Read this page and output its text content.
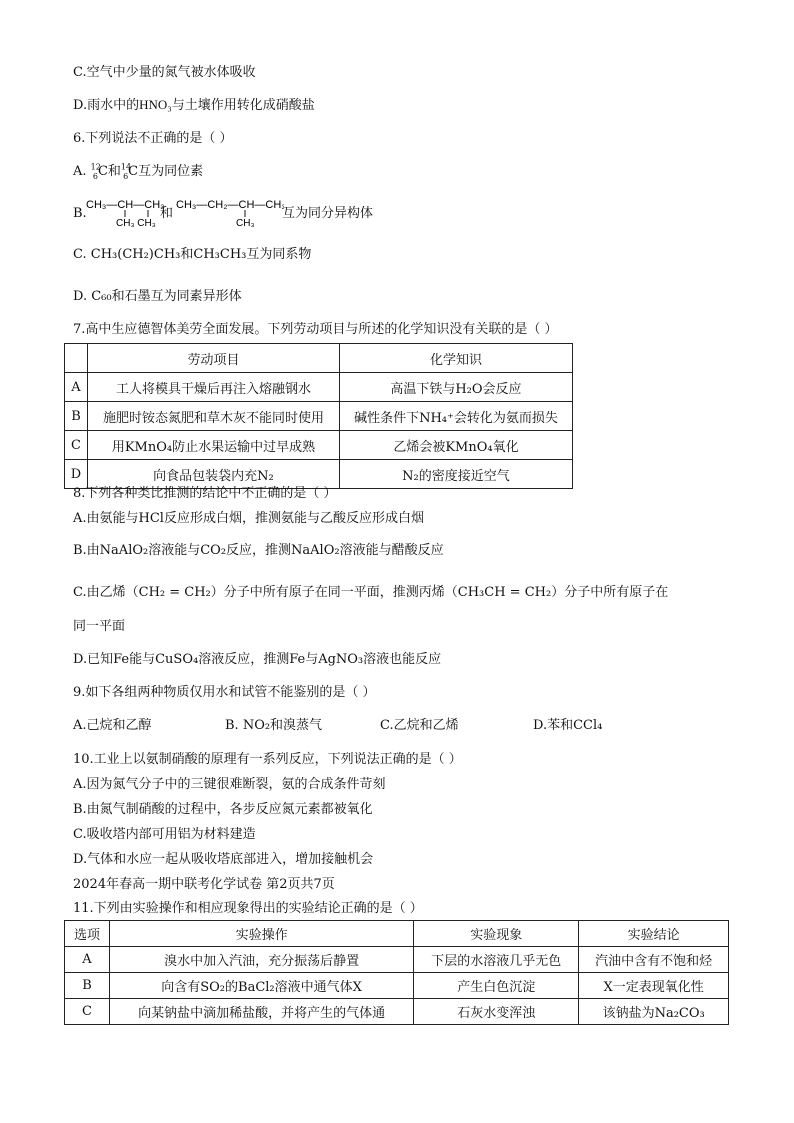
C.空气中少量的氮气被水体吸收
D.雨水中的HNO₃与土壤作用转化成硝酸盐
6.下列说法不正确的是（ ）
A. $^{12}_6$C和$^{14}_6$C互为同位素
B.
CH₃—CH—CH₃
CH₃ CH₃
CH₃—CH₂—CH—CH₃
CH₃
和	互为同分异构体
C. CH₃(CH₂)CH₃和CH₃CH₃互为同系物
D. C₆₀和石墨互为同素异形体
7.高中生应德智体美劳全面发展。下列劳动项目与所述的化学知识没有关联的是（ ）
	劳动项目	化学知识
A	工人将模具干燥后再注入熔融钢水	高温下铁与H₂O会反应
B	施肥时铵态氮肥和草木灰不能同时使用	碱性条件下NH₄⁺会转化为氨而损失
C	用KMnO₄防止水果运输中过早成熟	乙烯会被KMnO₄氧化
D	向食品包装袋内充N₂	N₂的密度接近空气
8.下列各种类比推测的结论中不正确的是（ ）
A.由氨能与HCl反应形成白烟，推测氨能与乙酸反应形成白烟
B.由NaAlO₂溶液能与CO₂反应，推测NaAlO₂溶液能与醋酸反应
C.由乙烯（CH₂ = CH₂）分子中所有原子在同一平面，推测丙烯（CH₃CH = CH₂）分子中所有原子在
同一平面
D.已知Fe能与CuSO₄溶液反应，推测Fe与AgNO₃溶液也能反应
9.如下各组两种物质仅用水和试管不能鉴别的是（ ）
A.己烷和乙醇	B. NO₂和溴蒸气	C.乙烷和乙烯	D.苯和CCl₄
10.工业上以氨制硝酸的原理有一系列反应，下列说法正确的是（ ）
A.因为氮气分子中的三键很难断裂，氨的合成条件苛刻
B.由氮气制硝酸的过程中，各步反应氮元素都被氧化
C.吸收塔内部可用铝为材料建造
D.气体和水应一起从吸收塔底部进入，增加接触机会
2024年春高一期中联考化学试卷 第2页共7页
11.下列由实验操作和相应现象得出的实验结论正确的是（ ）
选项	实验操作	实验现象	实验结论
A	溴水中加入汽油，充分振荡后静置	下层的水溶液几乎无色	汽油中含有不饱和烃
B	向含有SO₂的BaCl₂溶液中通气体X	产生白色沉淀	X一定表现氧化性
C	向某钠盐中滴加稀盐酸，并将产生的气体通	石灰水变浑浊	该钠盐为Na₂CO₃
